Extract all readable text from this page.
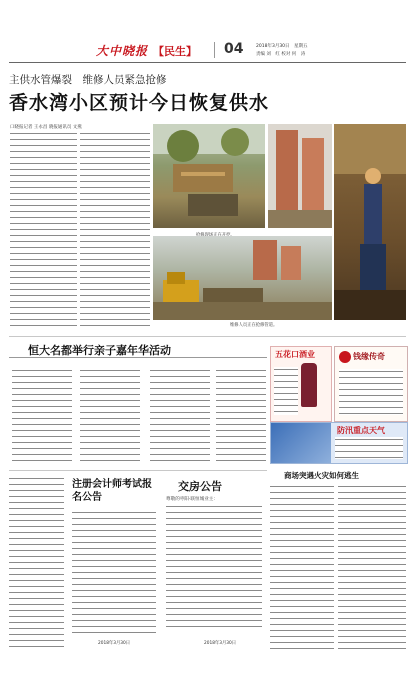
大中晓报 【民生】 04	2018年3月30日　星期五
责编 刘　红 校对 何　涛
主供水管爆裂　维修人员紧急抢修
香水湾小区预计今日恢复供水
口晓报记者 王永昌 晓报通讯员 文燕
维修人员正在抢修管道。
恒大名都举行亲子嘉年华活动	五花口酒业	钱缘传奇
防汛重点天气
商场突遇火灾如何逃生
注册会计师考试报名公告
2018年3月30日
交房公告
尊敬的枣阳·联恒城业主：
2018年3月30日
